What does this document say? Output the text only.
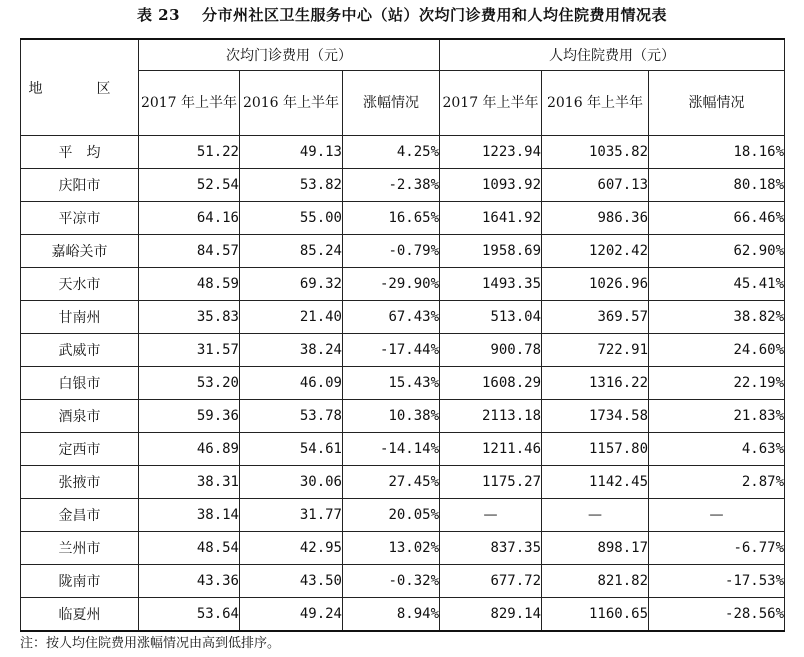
表 23 分市州社区卫生服务中心（站）次均门诊费用和人均住院费用情况表
地　区	次均门诊费用（元）			人均住院费用（元）		
	2017 年上半年	2016 年上半年	涨幅情况	2017 年上半年	2016 年上半年	涨幅情况
平　均	51.22	49.13	4.25%	1223.94	1035.82	18.16%
庆阳市	52.54	53.82	-2.38%	1093.92	607.13	80.18%
平凉市	64.16	55.00	16.65%	1641.92	986.36	66.46%
嘉峪关市	84.57	85.24	-0.79%	1958.69	1202.42	62.90%
天水市	48.59	69.32	-29.90%	1493.35	1026.96	45.41%
甘南州	35.83	21.40	67.43%	513.04	369.57	38.82%
武威市	31.57	38.24	-17.44%	900.78	722.91	24.60%
白银市	53.20	46.09	15.43%	1608.29	1316.22	22.19%
酒泉市	59.36	53.78	10.38%	2113.18	1734.58	21.83%
定西市	46.89	54.61	-14.14%	1211.46	1157.80	4.63%
张掖市	38.31	30.06	27.45%	1175.27	1142.45	2.87%
金昌市	38.14	31.77	20.05%	—	—	—
兰州市	48.54	42.95	13.02%	837.35	898.17	-6.77%
陇南市	43.36	43.50	-0.32%	677.72	821.82	-17.53%
临夏州	53.64	49.24	8.94%	829.14	1160.65	-28.56%
注：按人均住院费用涨幅情况由高到低排序。
